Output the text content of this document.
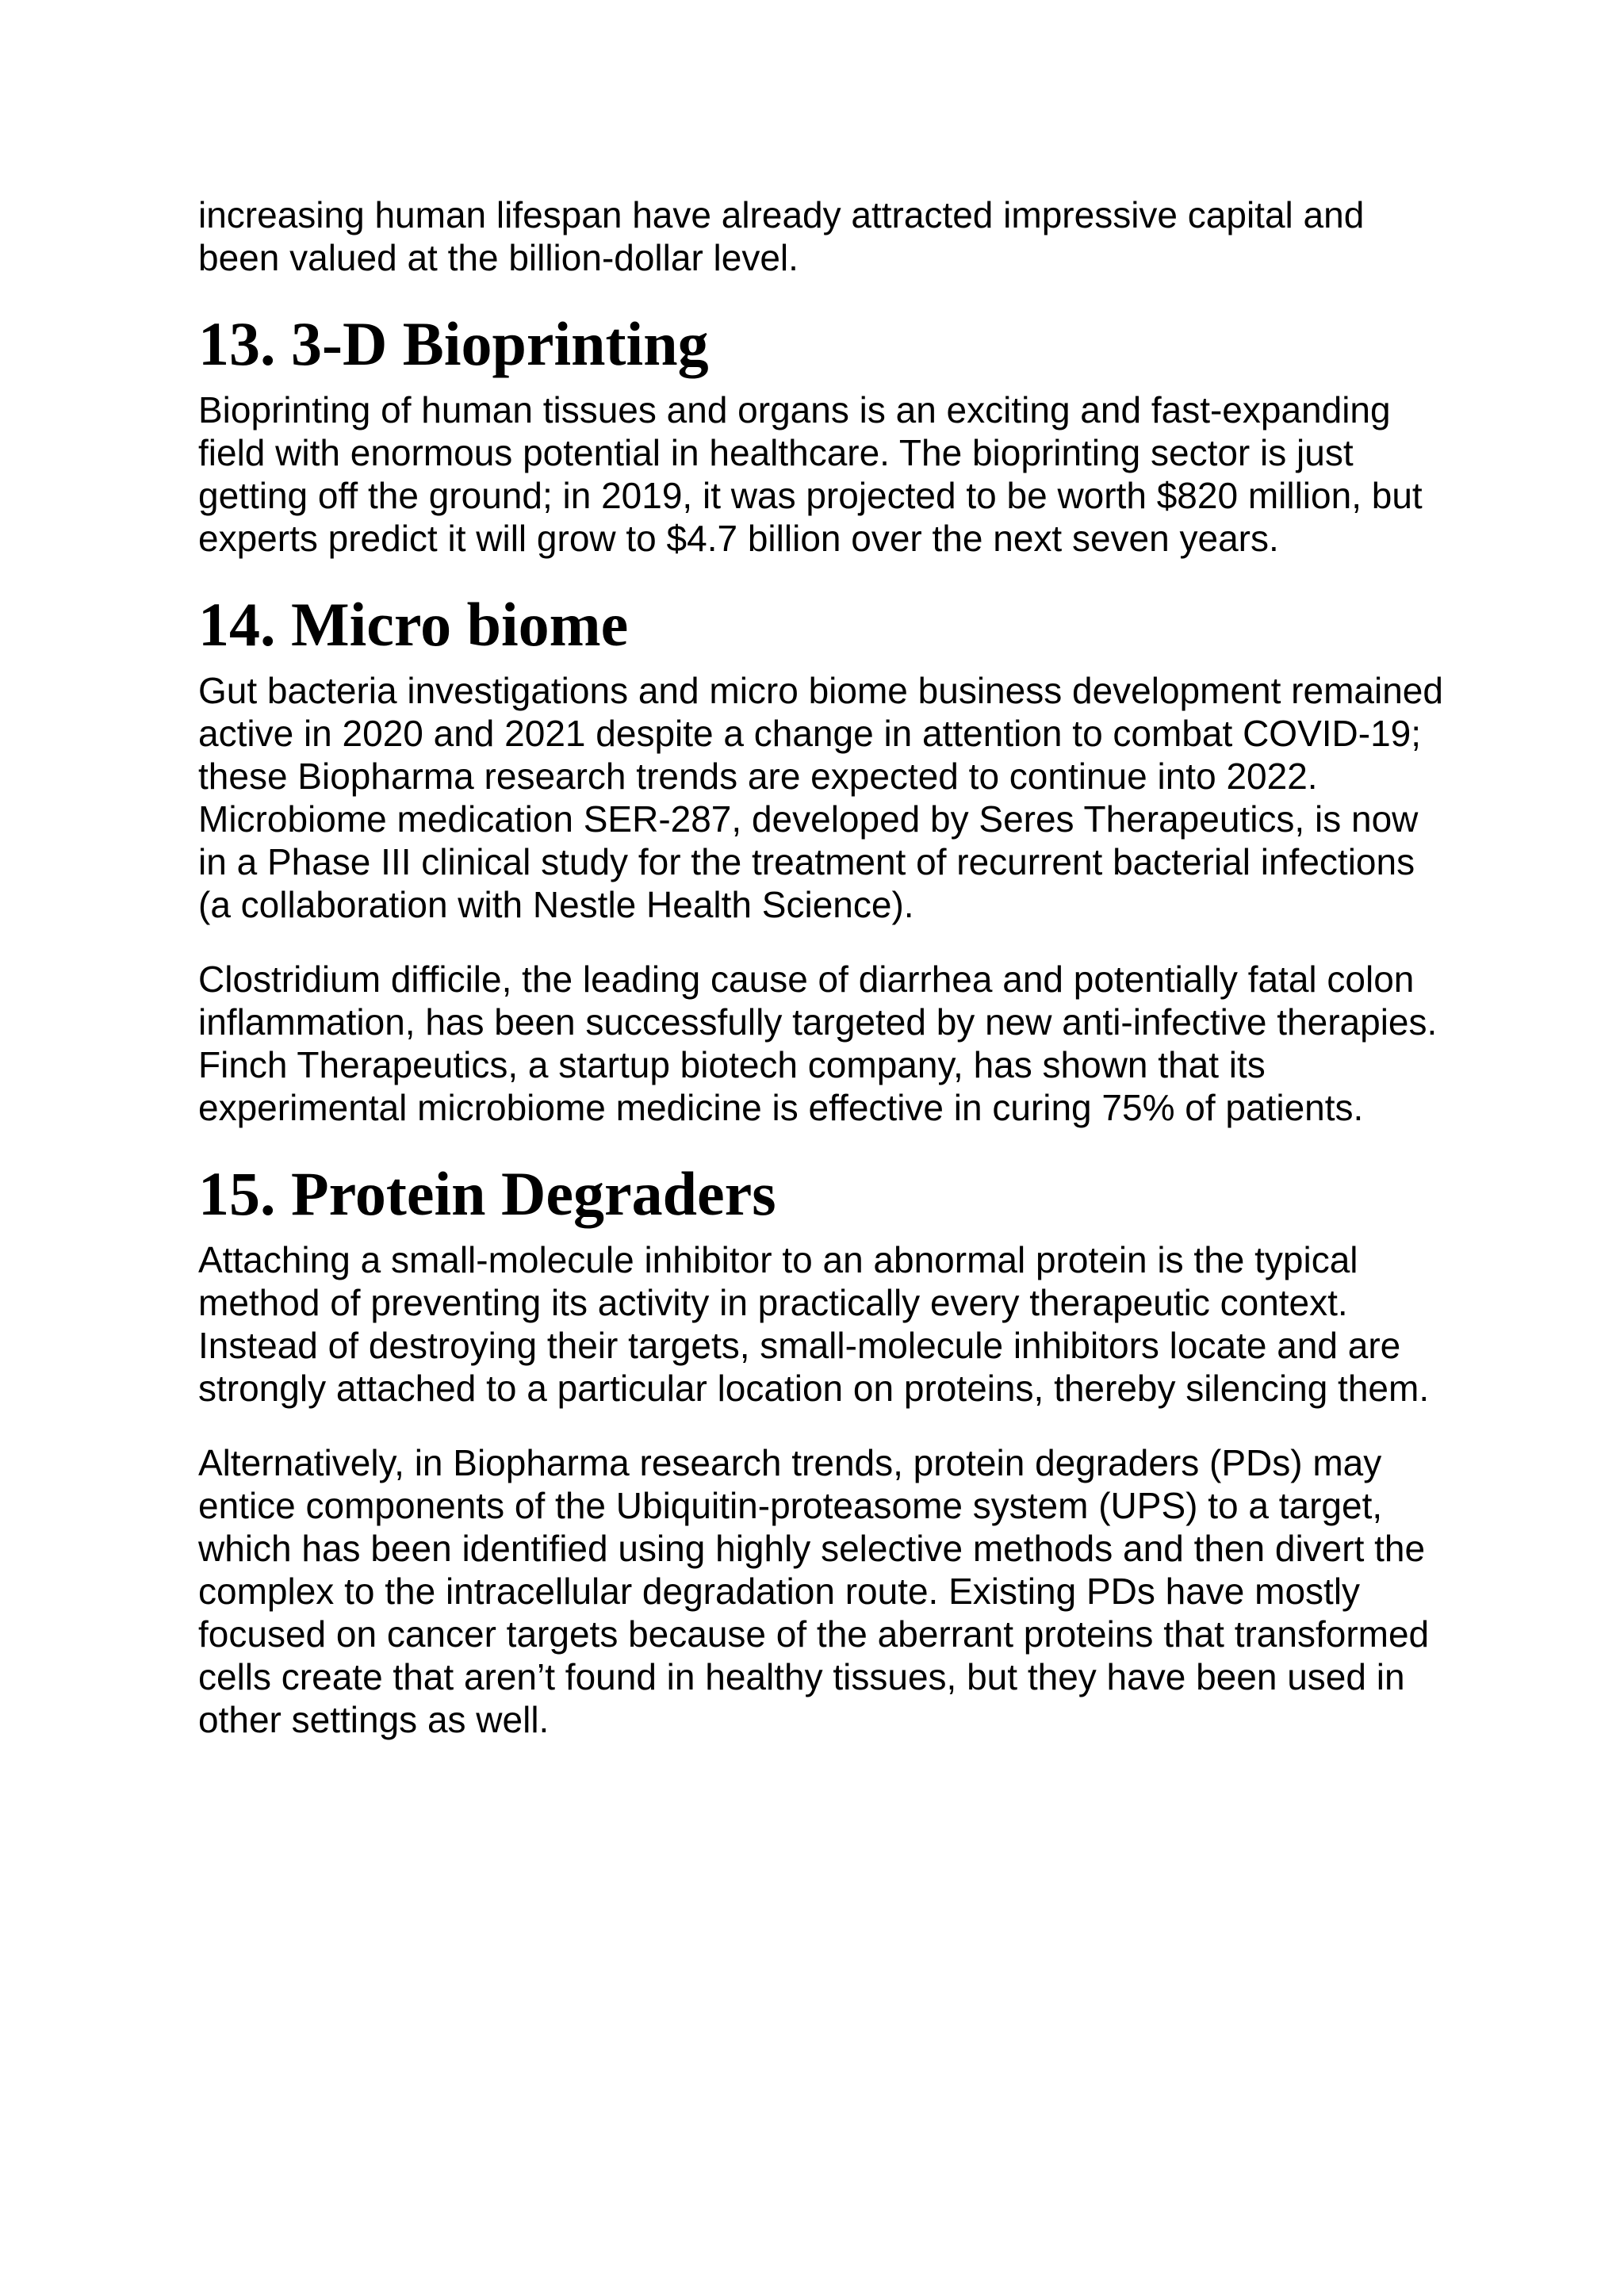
increasing human lifespan have already attracted impressive capital and been valued at the billion-dollar level.

13. 3-D Bioprinting

Bioprinting of human tissues and organs is an exciting and fast-expanding field with enormous potential in healthcare. The bioprinting sector is just getting off the ground; in 2019, it was projected to be worth $820 million, but experts predict it will grow to $4.7 billion over the next seven years.

14. Micro biome

Gut bacteria investigations and micro biome business development remained active in 2020 and 2021 despite a change in attention to combat COVID-19; these Biopharma research trends are expected to continue into 2022. Microbiome medication SER-287, developed by Seres Therapeutics, is now in a Phase III clinical study for the treatment of recurrent bacterial infections (a collaboration with Nestle Health Science).

Clostridium difficile, the leading cause of diarrhea and potentially fatal colon inflammation, has been successfully targeted by new anti-infective therapies. Finch Therapeutics, a startup biotech company, has shown that its experimental microbiome medicine is effective in curing 75% of patients.

15. Protein Degraders

Attaching a small-molecule inhibitor to an abnormal protein is the typical method of preventing its activity in practically every therapeutic context. Instead of destroying their targets, small-molecule inhibitors locate and are strongly attached to a particular location on proteins, thereby silencing them.

Alternatively, in Biopharma research trends, protein degraders (PDs) may entice components of the Ubiquitin-proteasome system (UPS) to a target, which has been identified using highly selective methods and then divert the complex to the intracellular degradation route. Existing PDs have mostly focused on cancer targets because of the aberrant proteins that transformed cells create that aren’t found in healthy tissues, but they have been used in other settings as well.
